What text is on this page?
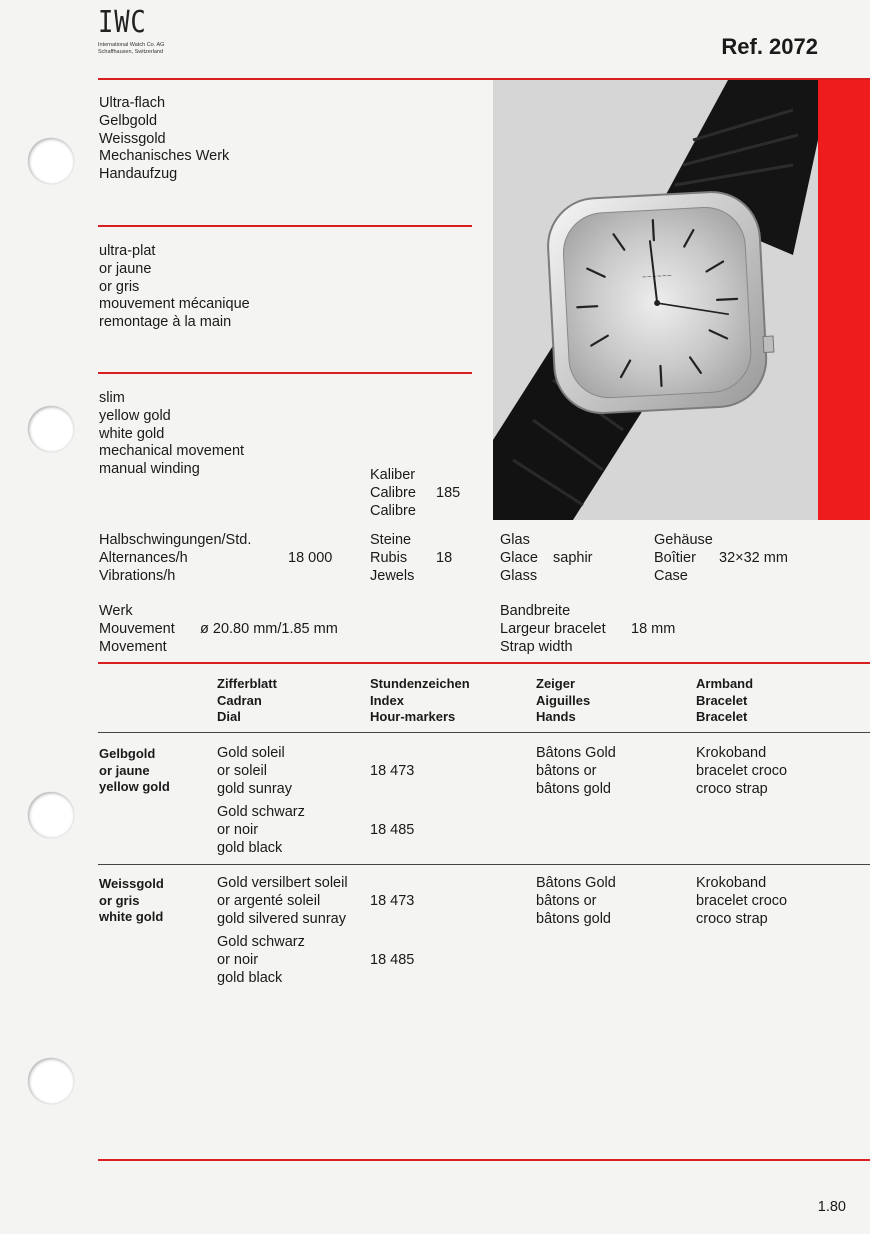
IWC
International Watch Co. AG
Schaffhausen, Switzerland	Ref. 2072
~~~~~~
Ultra-flach
Gelbgold
Weissgold
Mechanisches Werk
Handaufzug
ultra-plat
or jaune
or gris
mouvement mécanique
remontage à la main
slim
yellow gold
white gold
mechanical movement
manual winding	Kaliber
Calibre
Calibre
185
Halbschwingungen/Std.
Alternances/h
Vibrations/h
18 000
Steine
Rubis
Jewels
18
Glas
Glace
Glass
saphir
Gehäuse
Boîtier
Case
32×32 mm
Werk
Mouvement
Movement
ø 20.80 mm/1.85 mm
Bandbreite
Largeur bracelet
Strap width
18 mm
Zifferblatt
Cadran
Dial
Stundenzeichen
Index
Hour-markers
Zeiger
Aiguilles
Hands
Armband
Bracelet
Bracelet
Gelbgold
or jaune
yellow gold
Gold soleil
or soleil
gold sunray
18 473
Gold schwarz
or noir
gold black
18 485
Bâtons Gold
bâtons or
bâtons gold
Krokoband
bracelet croco
croco strap
Weissgold
or gris
white gold
Gold versilbert soleil
or argenté soleil
gold silvered sunray
18 473
Gold schwarz
or noir
gold black
18 485
Bâtons Gold
bâtons or
bâtons gold
Krokoband
bracelet croco
croco strap
1.80
